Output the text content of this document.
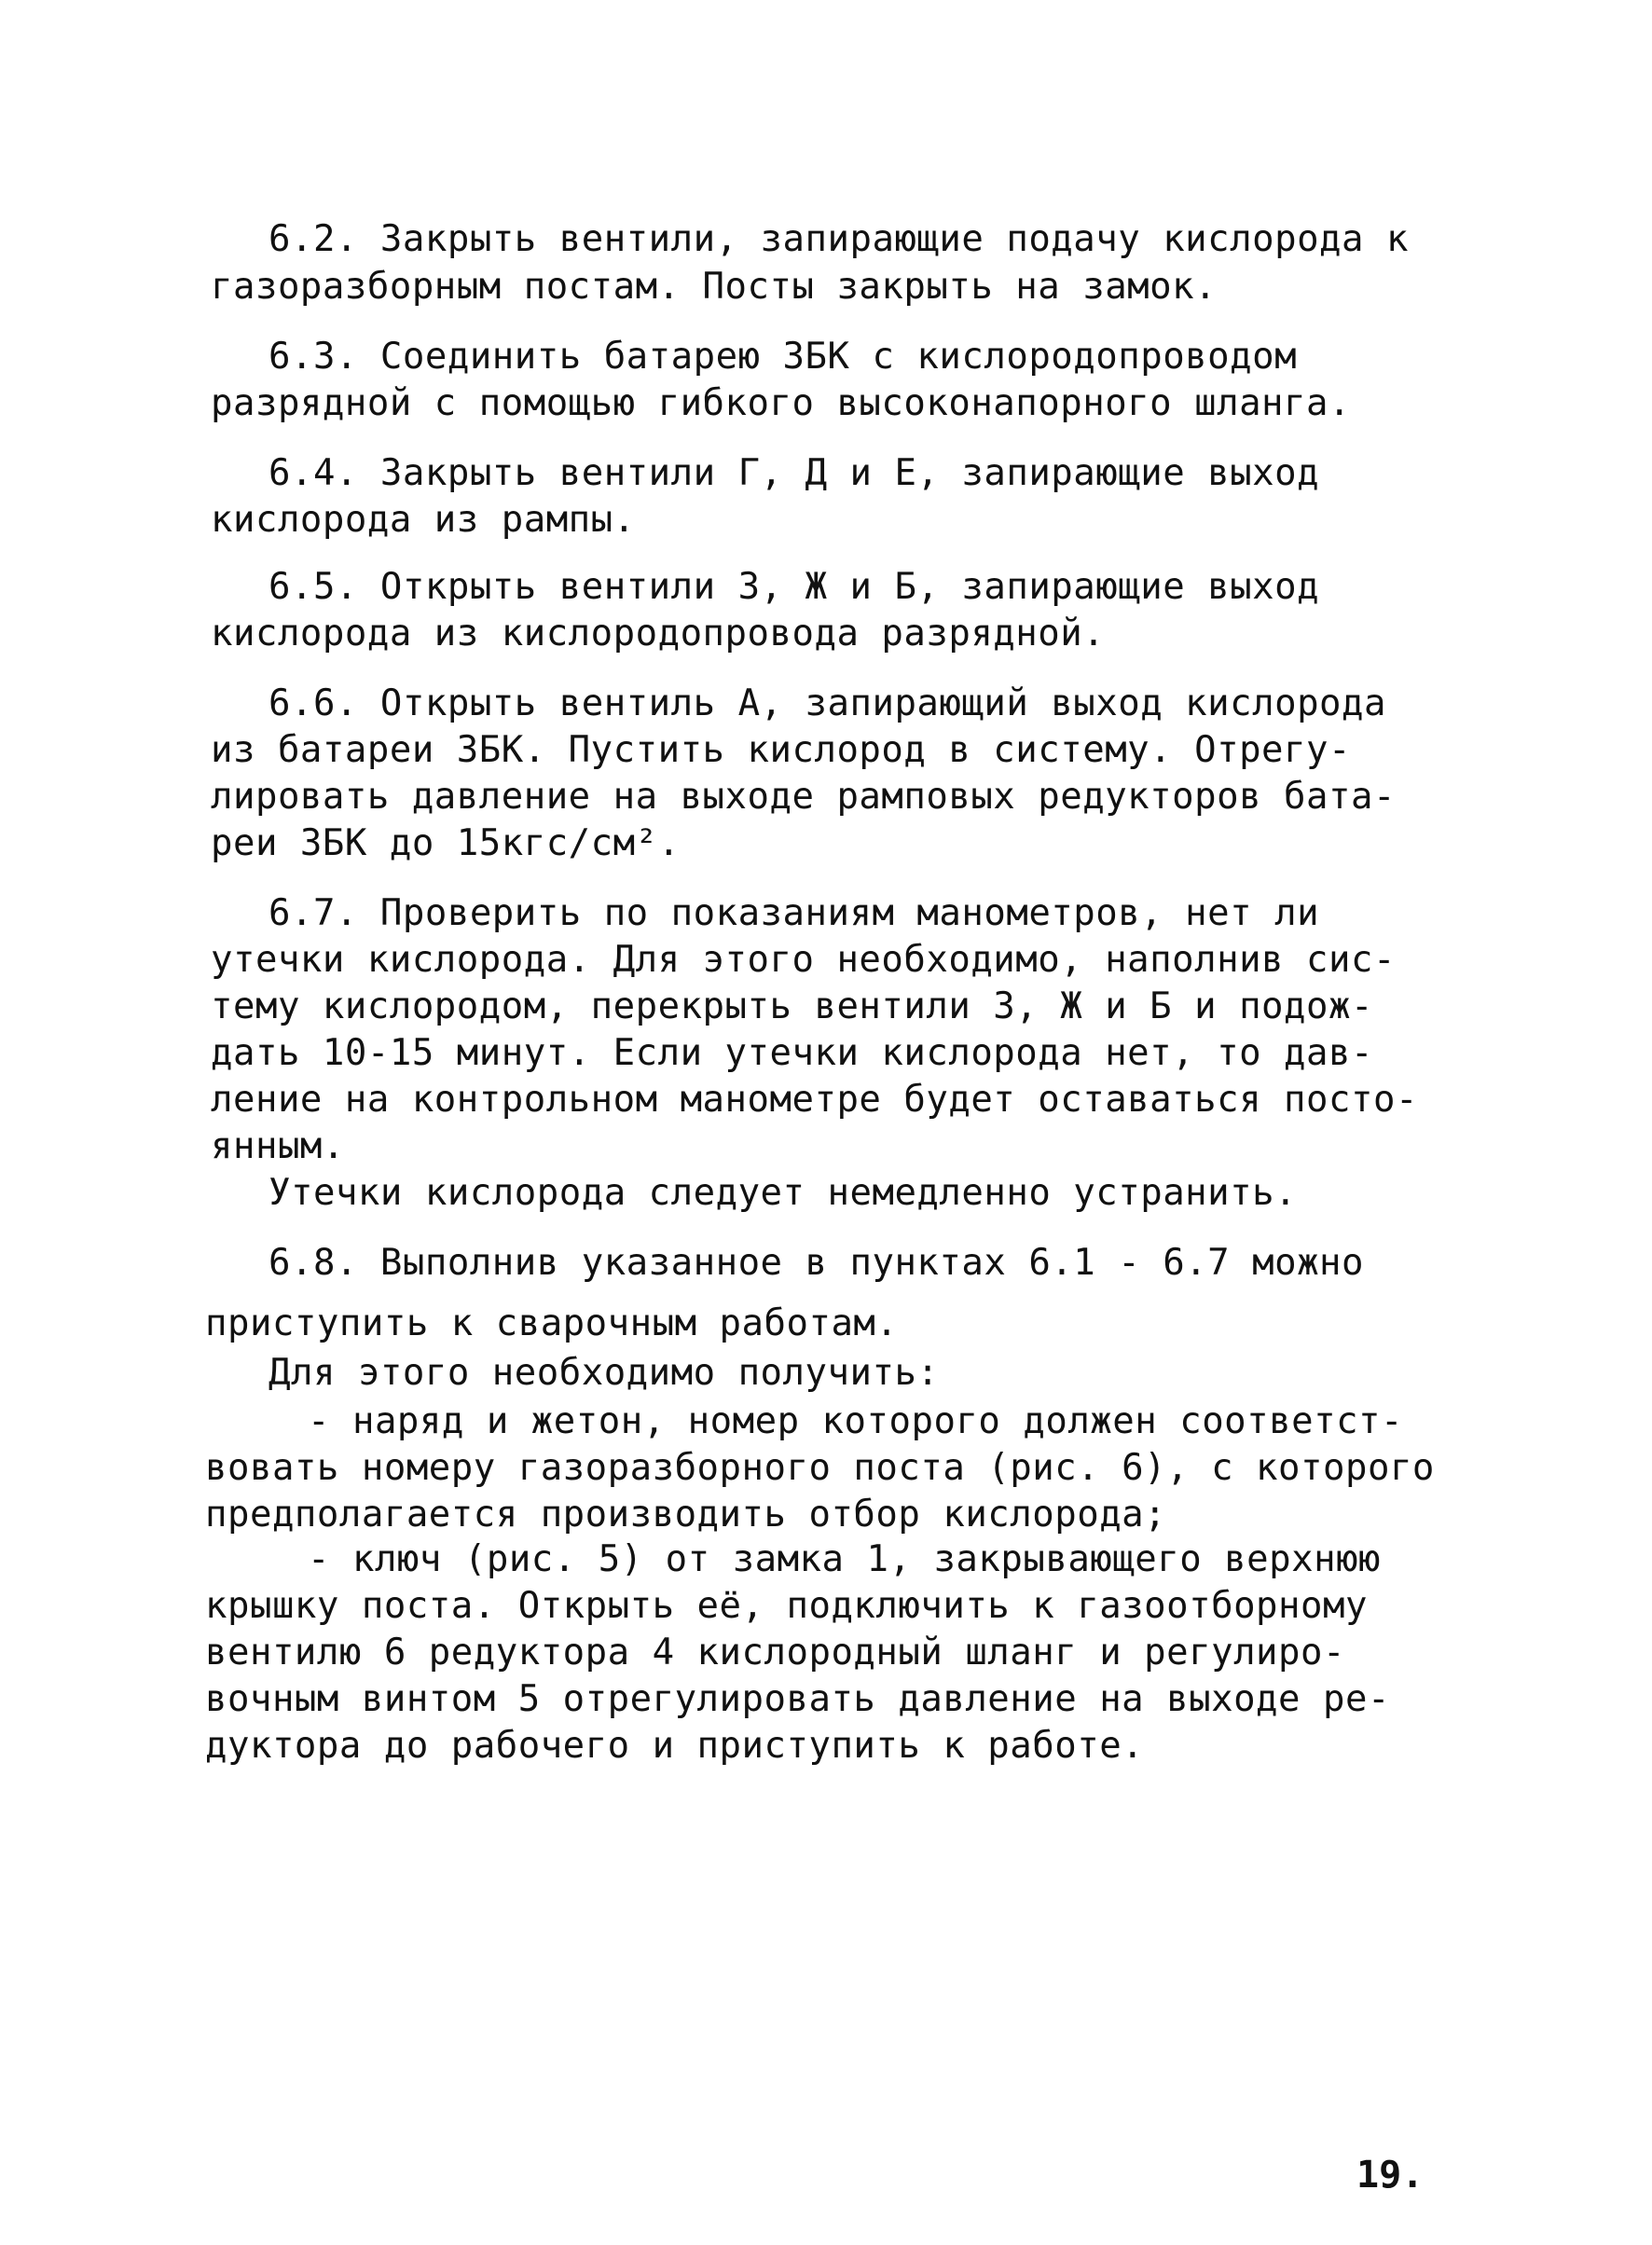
6.2. Закрыть вентили, запирающие подачу кислорода к
газоразборным постам. Посты закрыть на замок.
6.3. Соединить батарею 3БК с кислородопроводом
разрядной с помощью гибкого высоконапорного шланга.
6.4. Закрыть вентили Г, Д и Е, запирающие выход
кислорода из рампы.
6.5. Открыть вентили 3, Ж и Б, запирающие выход
кислорода из кислородопровода разрядной.
6.6. Открыть вентиль А, запирающий выход кислорода
из батареи 3БК. Пустить кислород в систему. Отрегу-
лировать давление на выходе рамповых редукторов бата-
реи 3БК до 15кгс/см².
6.7. Проверить по показаниям манометров, нет ли
утечки кислорода. Для этого необходимо, наполнив сис-
тему кислородом, перекрыть вентили 3, Ж и Б и подож-
дать 10-15 минут. Если утечки кислорода нет, то дав-
ление на контрольном манометре будет оставаться посто-
янным.
Утечки кислорода следует немедленно устранить.
6.8. Выполнив указанное в пунктах 6.1 - 6.7 можно
приступить к сварочным работам.
Для этого необходимо получить:
- наряд и жетон, номер которого должен соответст-
вовать номеру газоразборного поста (рис. 6), с которого
предполагается производить отбор кислорода;
- ключ (рис. 5) от замка 1, закрывающего верхнюю
крышку поста. Открыть её, подключить к газоотборному
вентилю 6 редуктора 4 кислородный шланг и регулиро-
вочным винтом 5 отрегулировать давление на выходе ре-
дуктора до рабочего и приступить к работе.
19.
